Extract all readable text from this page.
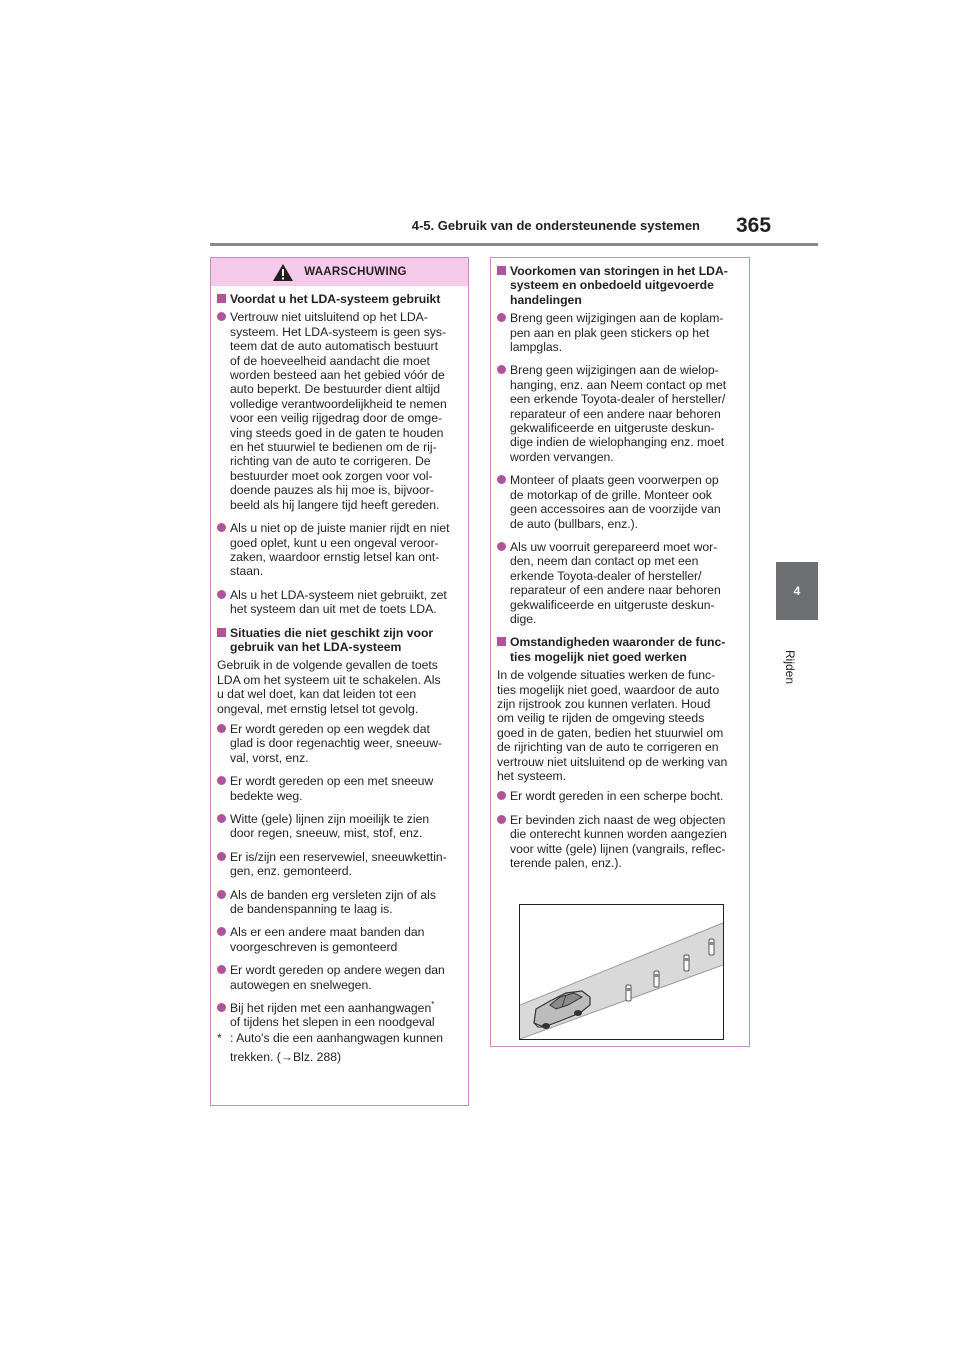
4-5. Gebruik van de ondersteunende systemen 365
4
Rijden
WAARSCHUWING
Voordat u het LDA-systeem gebruikt
Vertrouw niet uitsluitend op het LDA-
systeem. Het LDA-systeem is geen sys-
teem dat de auto automatisch bestuurt
of de hoeveelheid aandacht die moet
worden besteed aan het gebied vóór de
auto beperkt. De bestuurder dient altijd
volledige verantwoordelijkheid te nemen
voor een veilig rijgedrag door de omge-
ving steeds goed in de gaten te houden
en het stuurwiel te bedienen om de rij-
richting van de auto te corrigeren. De
bestuurder moet ook zorgen voor vol-
doende pauzes als hij moe is, bijvoor-
beeld als hij langere tijd heeft gereden.
Als u niet op de juiste manier rijdt en niet
goed oplet, kunt u een ongeval veroor-
zaken, waardoor ernstig letsel kan ont-
staan.
Als u het LDA-systeem niet gebruikt, zet
het systeem dan uit met de toets LDA.
Situaties die niet geschikt zijn voor
gebruik van het LDA-systeem
Gebruik in de volgende gevallen de toets
LDA om het systeem uit te schakelen. Als
u dat wel doet, kan dat leiden tot een
ongeval, met ernstig letsel tot gevolg.
Er wordt gereden op een wegdek dat
glad is door regenachtig weer, sneeuw-
val, vorst, enz.
Er wordt gereden op een met sneeuw
bedekte weg.
Witte (gele) lijnen zijn moeilijk te zien
door regen, sneeuw, mist, stof, enz.
Er is/zijn een reservewiel, sneeuwkettin-
gen, enz. gemonteerd.
Als de banden erg versleten zijn of als
de bandenspanning te laag is.
Als er een andere maat banden dan
voorgeschreven is gemonteerd
Er wordt gereden op andere wegen dan
autowegen en snelwegen.
Bij het rijden met een aanhangwagen*
of tijdens het slepen in een noodgeval
* : Auto's die een aanhangwagen kunnen
trekken. (→Blz. 288)
Voorkomen van storingen in het LDA-
systeem en onbedoeld uitgevoerde
handelingen
Breng geen wijzigingen aan de koplam-
pen aan en plak geen stickers op het
lampglas.
Breng geen wijzigingen aan de wielop-
hanging, enz. aan Neem contact op met
een erkende Toyota-dealer of hersteller/
reparateur of een andere naar behoren
gekwalificeerde en uitgeruste deskun-
dige indien de wielophanging enz. moet
worden vervangen.
Monteer of plaats geen voorwerpen op
de motorkap of de grille. Monteer ook
geen accessoires aan de voorzijde van
de auto (bullbars, enz.).
Als uw voorruit gerepareerd moet wor-
den, neem dan contact op met een
erkende Toyota-dealer of hersteller/
reparateur of een andere naar behoren
gekwalificeerde en uitgeruste deskun-
dige.
Omstandigheden waaronder de func-
ties mogelijk niet goed werken
In de volgende situaties werken de func-
ties mogelijk niet goed, waardoor de auto
zijn rijstrook zou kunnen verlaten. Houd
om veilig te rijden de omgeving steeds
goed in de gaten, bedien het stuurwiel om
de rijrichting van de auto te corrigeren en
vertrouw niet uitsluitend op de werking van
het systeem.
Er wordt gereden in een scherpe bocht.
Er bevinden zich naast de weg objecten
die onterecht kunnen worden aangezien
voor witte (gele) lijnen (vangrails, reflec-
terende palen, enz.).
